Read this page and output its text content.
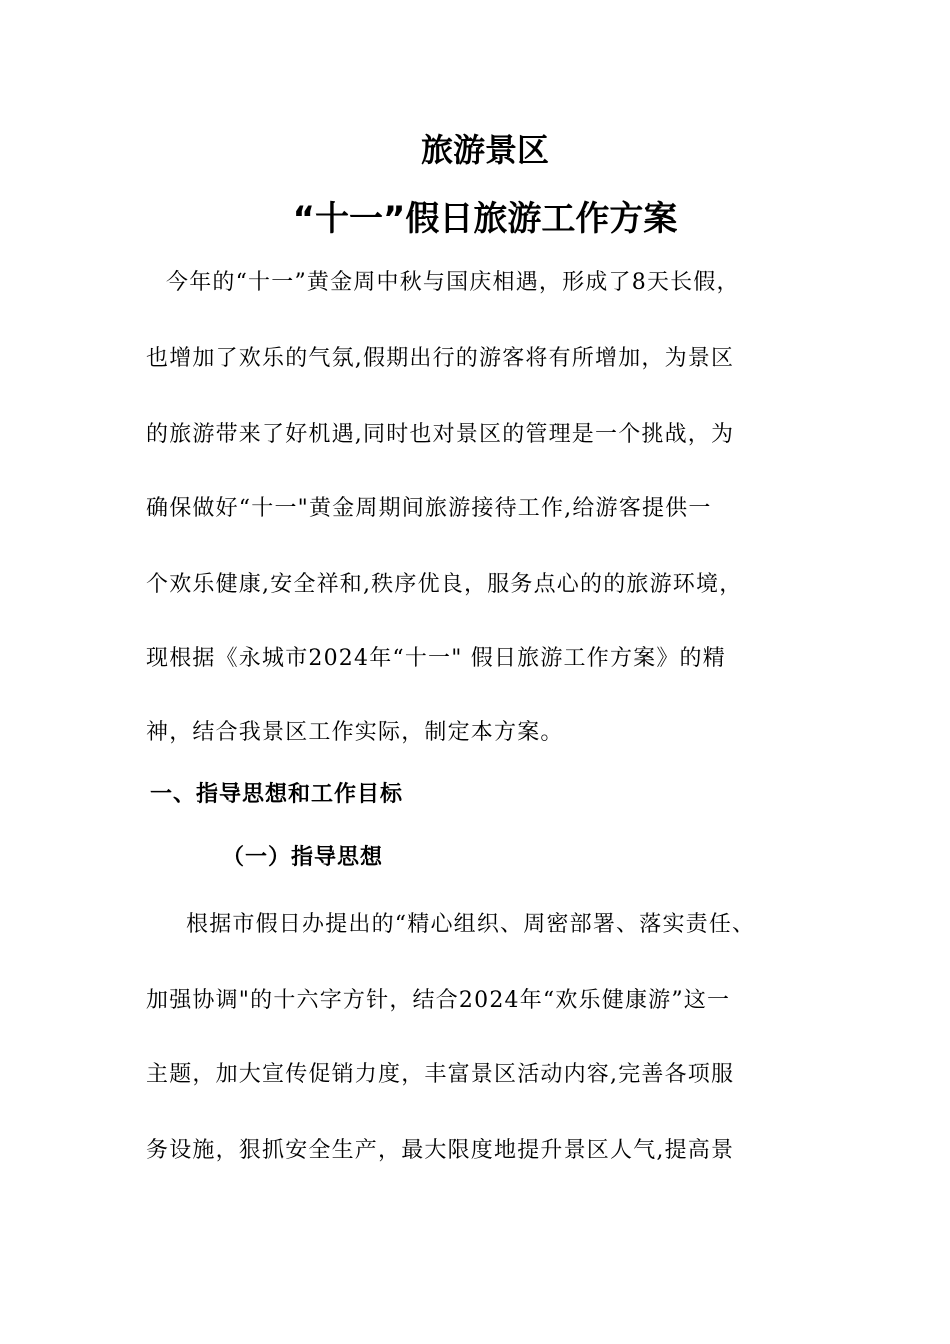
旅游景区
“十一”假日旅游工作方案
今年的“十一”黄金周中秋与国庆相遇，形成了8天长假，
也增加了欢乐的气氛,假期出行的游客将有所增加，为景区
的旅游带来了好机遇,同时也对景区的管理是一个挑战，为
确保做好“十一"黄金周期间旅游接待工作,给游客提供一
个欢乐健康,安全祥和,秩序优良，服务点心的的旅游环境，
现根据《永城市2024年“十一" 假日旅游工作方案》的精
神，结合我景区工作实际，制定本方案。
一、指导思想和工作目标
（一）指导思想
根据市假日办提出的“精心组织、周密部署、落实责任、
加强协调"的十六字方针，结合2024年“欢乐健康游”这一
主题，加大宣传促销力度，丰富景区活动内容,完善各项服
务设施，狠抓安全生产，最大限度地提升景区人气,提高景
